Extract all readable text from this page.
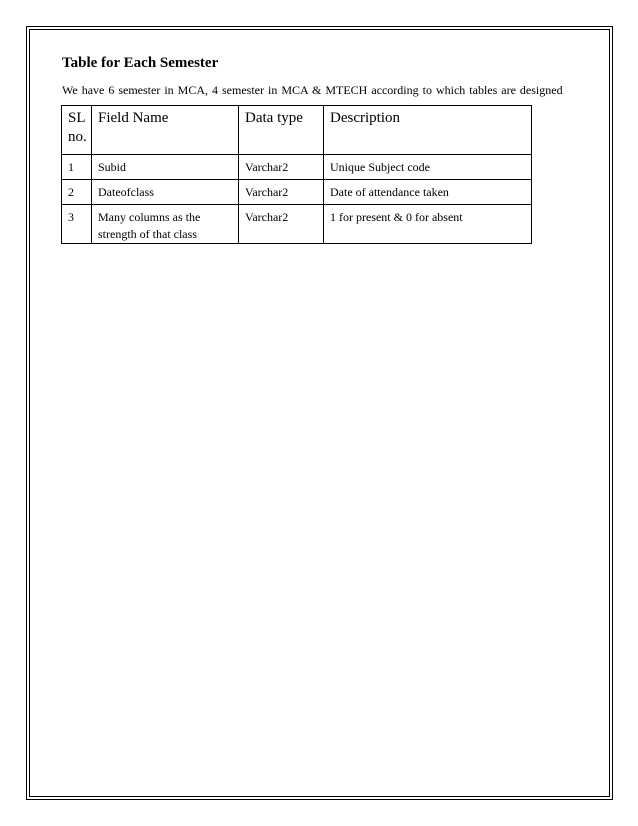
Table for Each Semester
We have 6 semester in MCA, 4 semester in MCA & MTECH according to which tables are designed
SL no.	Field Name	Data type	Description
1	Subid	Varchar2	Unique Subject code
2	Dateofclass	Varchar2	Date of attendance taken
3	Many columns as the strength of that class	Varchar2	1 for present & 0 for absent
